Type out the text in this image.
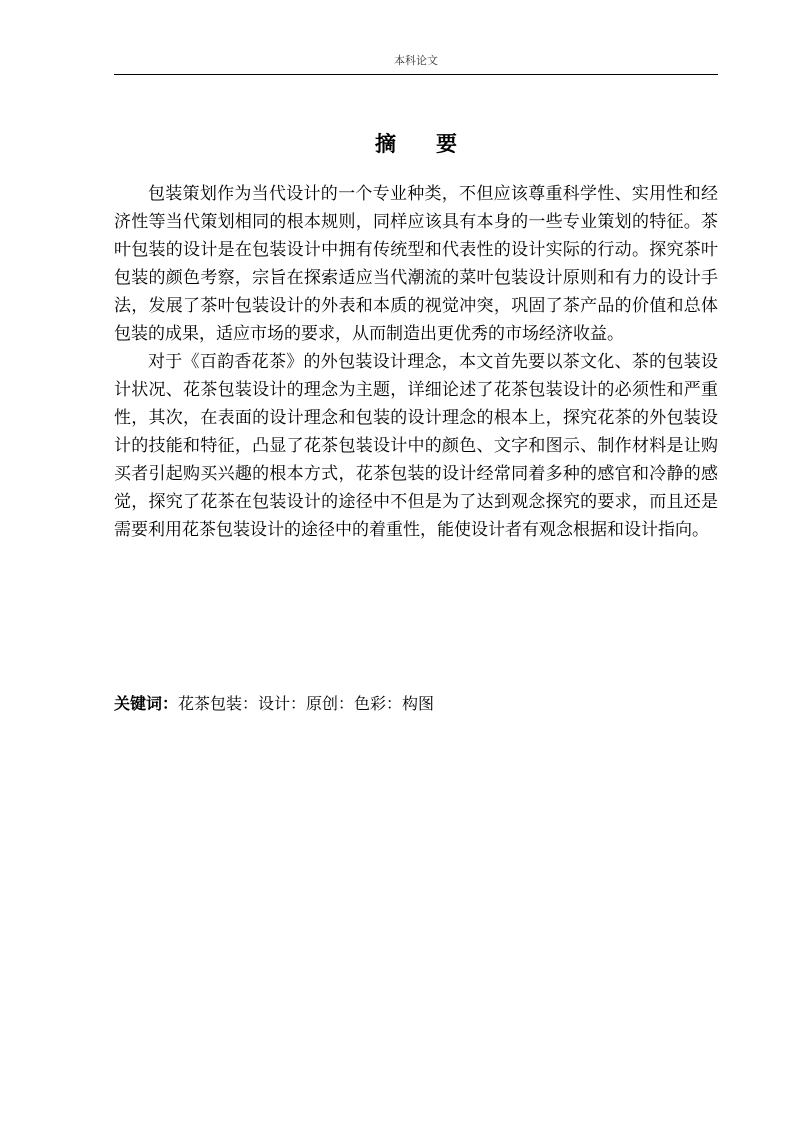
本科论文
摘 要

包装策划作为当代设计的一个专业种类，不但应该尊重科学性、实用性和经济性等当代策划相同的根本规则，同样应该具有本身的一些专业策划的特征。茶叶包装的设计是在包装设计中拥有传统型和代表性的设计实际的行动。探究茶叶包装的颜色考察，宗旨在探索适应当代潮流的菜叶包装设计原则和有力的设计手法，发展了茶叶包装设计的外表和本质的视觉冲突，巩固了茶产品的价值和总体包装的成果，适应市场的要求，从而制造出更优秀的市场经济收益。

对于《百韵香花茶》的外包装设计理念，本文首先要以茶文化、茶的包装设计状况、花茶包装设计的理念为主题，详细论述了花茶包装设计的必须性和严重性，其次，在表面的设计理念和包装的设计理念的根本上，探究花茶的外包装设计的技能和特征，凸显了花茶包装设计中的颜色、文字和图示、制作材料是让购买者引起购买兴趣的根本方式，花茶包装的设计经常同着多种的感官和冷静的感觉，探究了花茶在包装设计的途径中不但是为了达到观念探究的要求，而且还是需要利用花茶包装设计的途径中的着重性，能使设计者有观念根据和设计指向。

关键词：花茶包装：设计：原创：色彩：构图
